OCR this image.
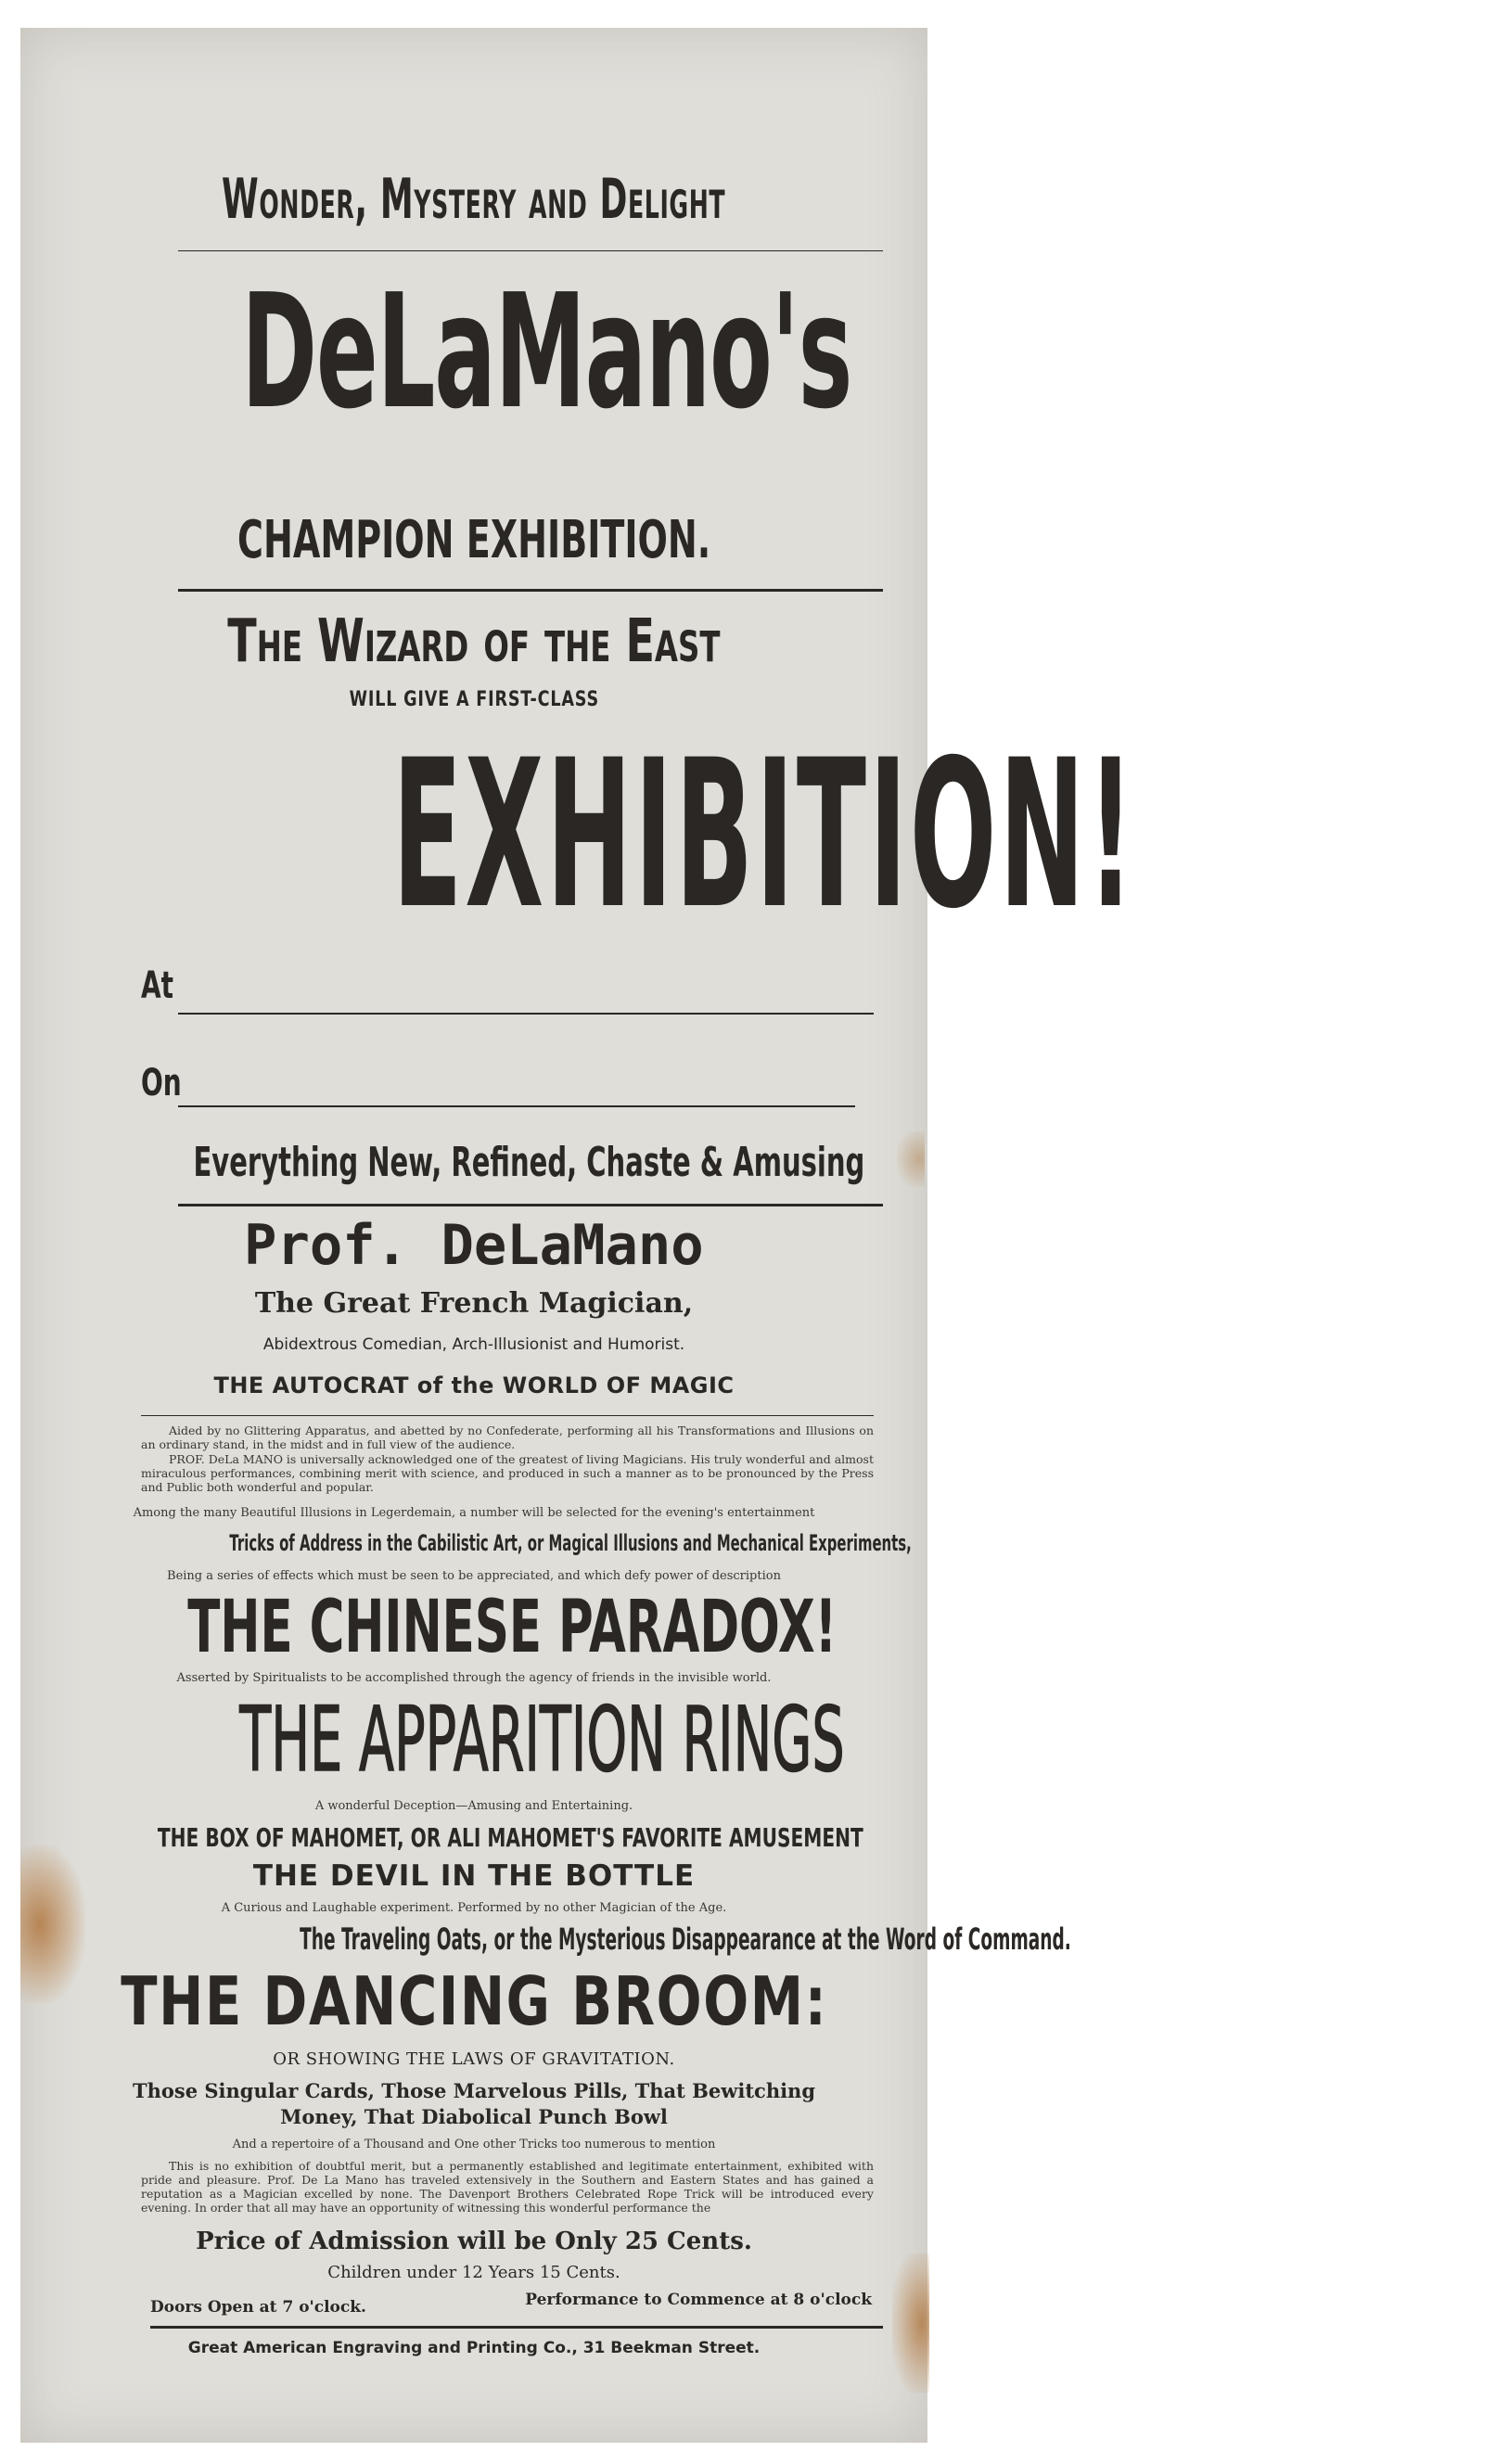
Wonder, Mystery and Delight
DeLaMano's
CHAMPION EXHIBITION.
The Wizard of the East
WILL GIVE A FIRST-CLASS
EXHIBITION!
At
On
Everything New, Refined, Chaste & Amusing
Prof. DeLaMano
The Great French Magician,
Abidextrous Comedian, Arch-Illusionist and Humorist.
THE AUTOCRAT of the WORLD OF MAGIC
Aided by no Glittering Apparatus, and abetted by no Confederate, performing all his Transformations and Illusions on an ordinary stand, in the midst and in full view of the audience.
PROF. DeLa MANO is universally acknowledged one of the greatest of living Magicians. His truly wonderful and almost miraculous performances, combining merit with science, and produced in such a manner as to be pronounced by the Press and Public both wonderful and popular.
Among the many Beautiful Illusions in Legerdemain, a number will be selected for the evening's entertainment
Tricks of Address in the Cabilistic Art, or Magical Illusions and Mechanical Experiments,
Being a series of effects which must be seen to be appreciated, and which defy power of description
THE CHINESE PARADOX!
Asserted by Spiritualists to be accomplished through the agency of friends in the invisible world.
THE APPARITION RINGS
A wonderful Deception—Amusing and Entertaining.
THE BOX OF MAHOMET, OR ALI MAHOMET'S FAVORITE AMUSEMENT
THE DEVIL IN THE BOTTLE
A Curious and Laughable experiment. Performed by no other Magician of the Age.
The Traveling Oats, or the Mysterious Disappearance at the Word of Command.
THE DANCING BROOM:
OR SHOWING THE LAWS OF GRAVITATION.
Those Singular Cards, Those Marvelous Pills, That Bewitching
Money, That Diabolical Punch Bowl
And a repertoire of a Thousand and One other Tricks too numerous to mention
This is no exhibition of doubtful merit, but a permanently established and legitimate entertainment, exhibited with pride and pleasure. Prof. De La Mano has traveled extensively in the Southern and Eastern States and has gained a reputation as a Magician excelled by none. The Davenport Brothers Celebrated Rope Trick will be introduced every evening. In order that all may have an opportunity of witnessing this wonderful performance the
Price of Admission will be Only 25 Cents.
Children under 12 Years 15 Cents.
Doors Open at 7 o'clock.	Performance to Commence at 8 o'clock
Great American Engraving and Printing Co., 31 Beekman Street.
